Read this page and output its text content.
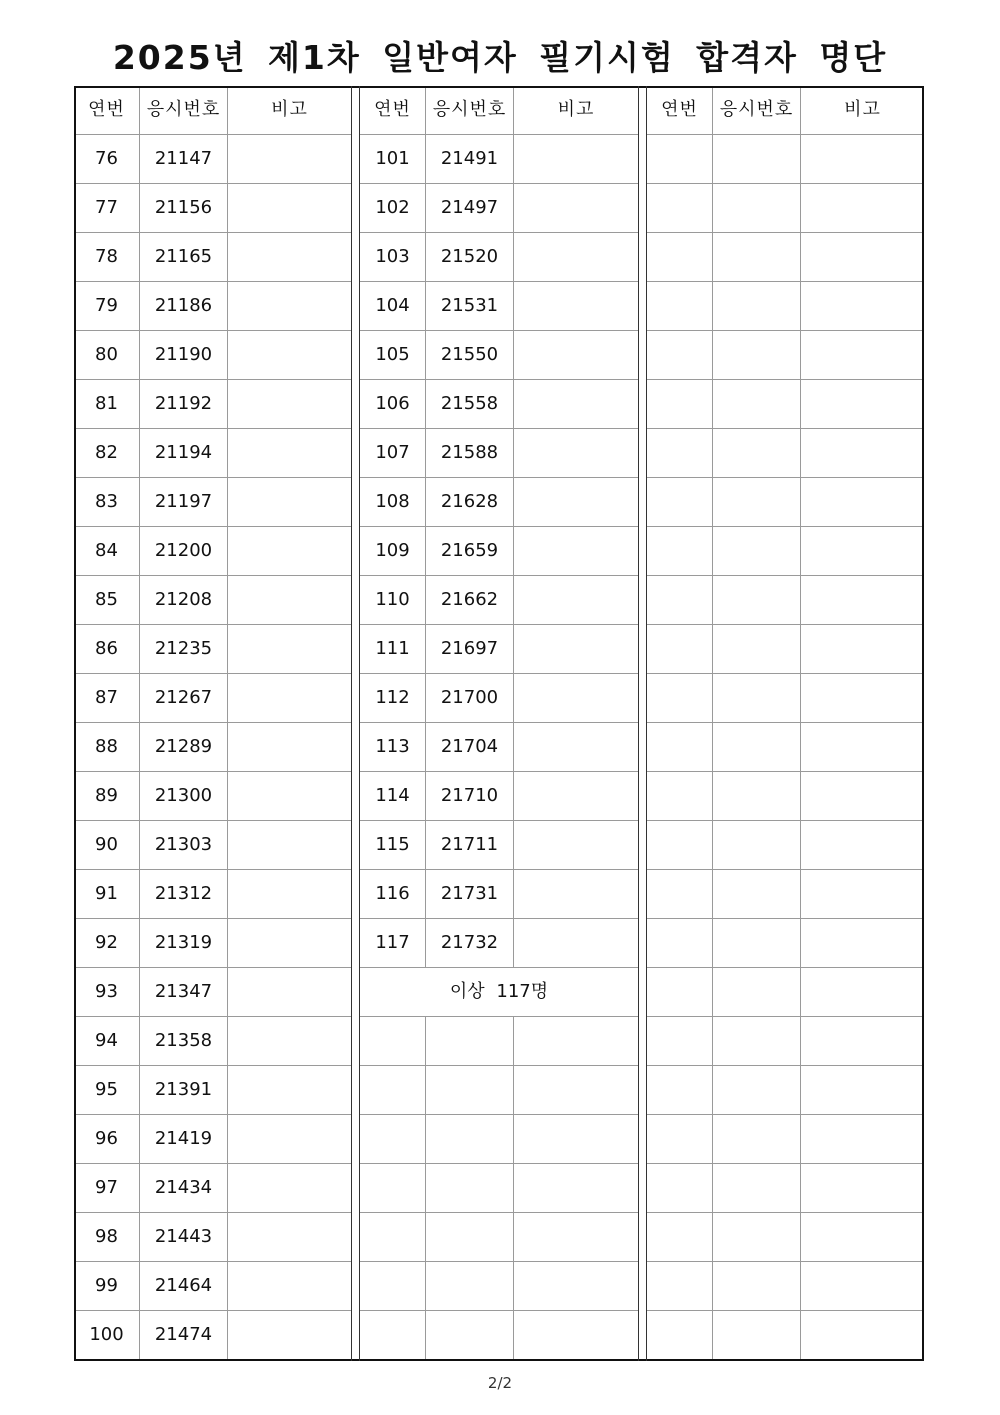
2025년 제1차 일반여자 필기시험 합격자 명단
연번	응시번호	비고
76	21147
77	21156
78	21165
79	21186
80	21190
81	21192
82	21194
83	21197
84	21200
85	21208
86	21235
87	21267
88	21289
89	21300
90	21303
91	21312
92	21319
93	21347
94	21358
95	21391
96	21419
97	21434
98	21443
99	21464
100	21474
연번	응시번호	비고
101	21491
102	21497
103	21520
104	21531
105	21550
106	21558
107	21588
108	21628
109	21659
110	21662
111	21697
112	21700
113	21704
114	21710
115	21711
116	21731
117	21732
이상 117명
연번	응시번호	비고
2/2
